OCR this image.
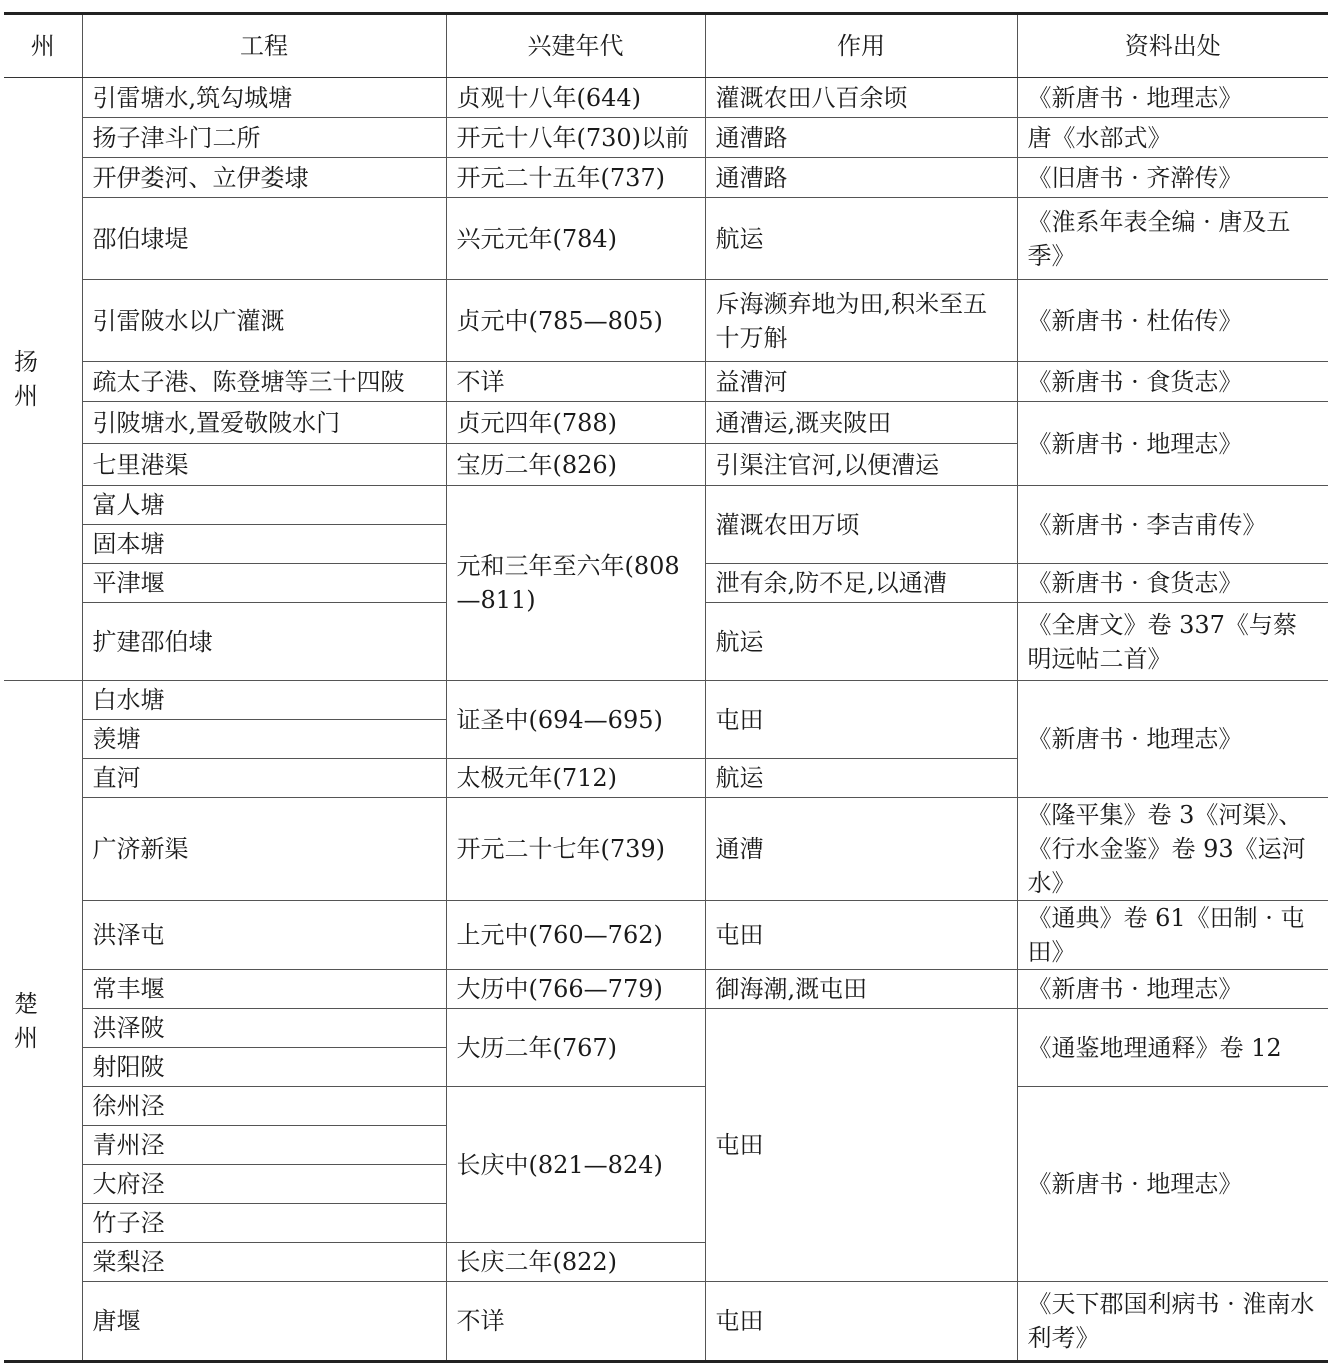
州	工程	兴建年代	作用	资料出处
扬州	引雷塘水,筑勾城塘	贞观十八年(644)	灌溉农田八百余顷	《新唐书 · 地理志》
	扬子津斗门二所	开元十八年(730)以前	通漕路	唐《水部式》
	开伊娄河、立伊娄埭	开元二十五年(737)	通漕路	《旧唐书 · 齐澣传》
	邵伯埭堤	兴元元年(784)	航运	《淮系年表全编 · 唐及五季》
	引雷陂水以广灌溉	贞元中(785—805)	斥海濒弃地为田,积米至五十万斛	《新唐书 · 杜佑传》
	疏太子港、陈登塘等三十四陂	不详	益漕河	《新唐书 · 食货志》
	引陂塘水,置爱敬陂水门	贞元四年(788)	通漕运,溉夹陂田	《新唐书 · 地理志》
	七里港渠	宝历二年(826)	引渠注官河,以便漕运	
	富人塘	元和三年至六年(808—811)	灌溉农田万顷	《新唐书 · 李吉甫传》
	固本塘			
	平津堰		泄有余,防不足,以通漕	《新唐书 · 食货志》
	扩建邵伯埭		航运	《全唐文》卷 337《与蔡明远帖二首》
楚州	白水塘	证圣中(694—695)	屯田	《新唐书 · 地理志》
	羡塘			
	直河	太极元年(712)	航运	
	广济新渠	开元二十七年(739)	通漕	《隆平集》卷 3《河渠》、《行水金鉴》卷 93《运河水》
	洪泽屯	上元中(760—762)	屯田	《通典》卷 61《田制 · 屯田》
	常丰堰	大历中(766—779)	御海潮,溉屯田	《新唐书 · 地理志》
	洪泽陂	大历二年(767)	屯田	《通鉴地理通释》卷 12
	射阳陂			
	徐州泾	长庆中(821—824)		《新唐书 · 地理志》
	青州泾			
	大府泾			
	竹子泾			
	棠梨泾	长庆二年(822)		
	唐堰	不详	屯田	《天下郡国利病书 · 淮南水利考》
